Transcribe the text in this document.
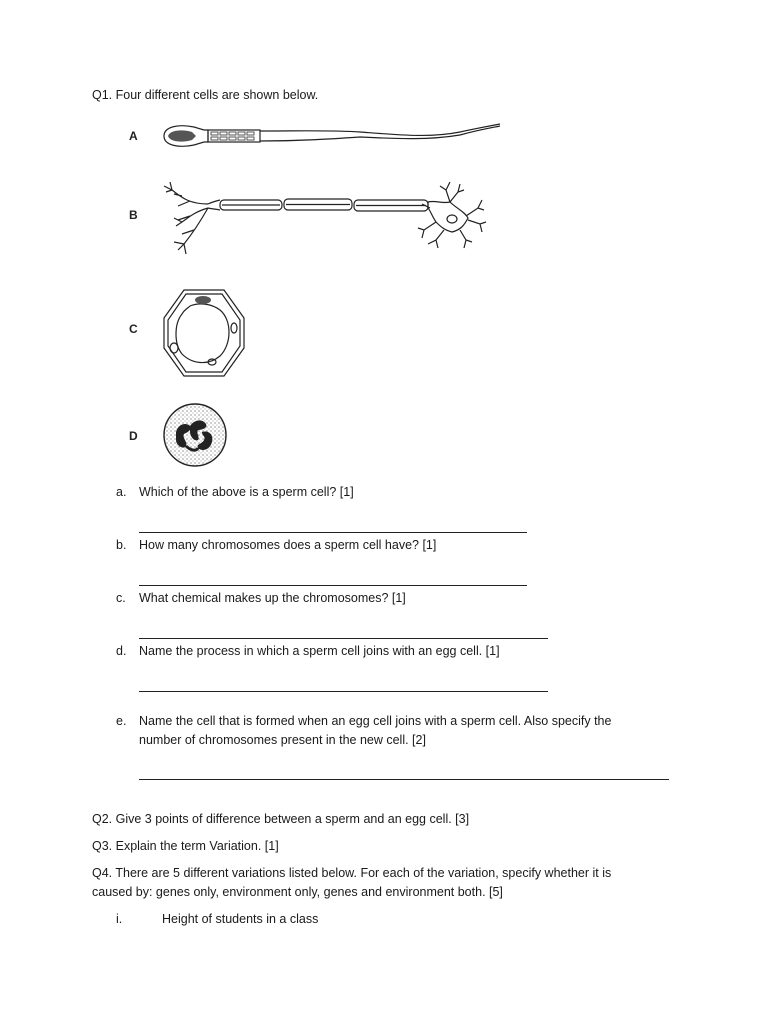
Q1. Four different cells are shown below.
A
B
C
D
a. Which of the above is a sperm cell? [1]
b. How many chromosomes does a sperm cell have? [1]
c. What chemical makes up the chromosomes? [1]
d. Name the process in which a sperm cell joins with an egg cell. [1]
e. Name the cell that is formed when an egg cell joins with a sperm cell. Also specify the
number of chromosomes present in the new cell. [2]
Q2. Give 3 points of difference between a sperm and an egg cell. [3]
Q3. Explain the term Variation. [1]
Q4. There are 5 different variations listed below. For each of the variation, specify whether it is
caused by: genes only, environment only, genes and environment both. [5]
i.	Height of students in a class
